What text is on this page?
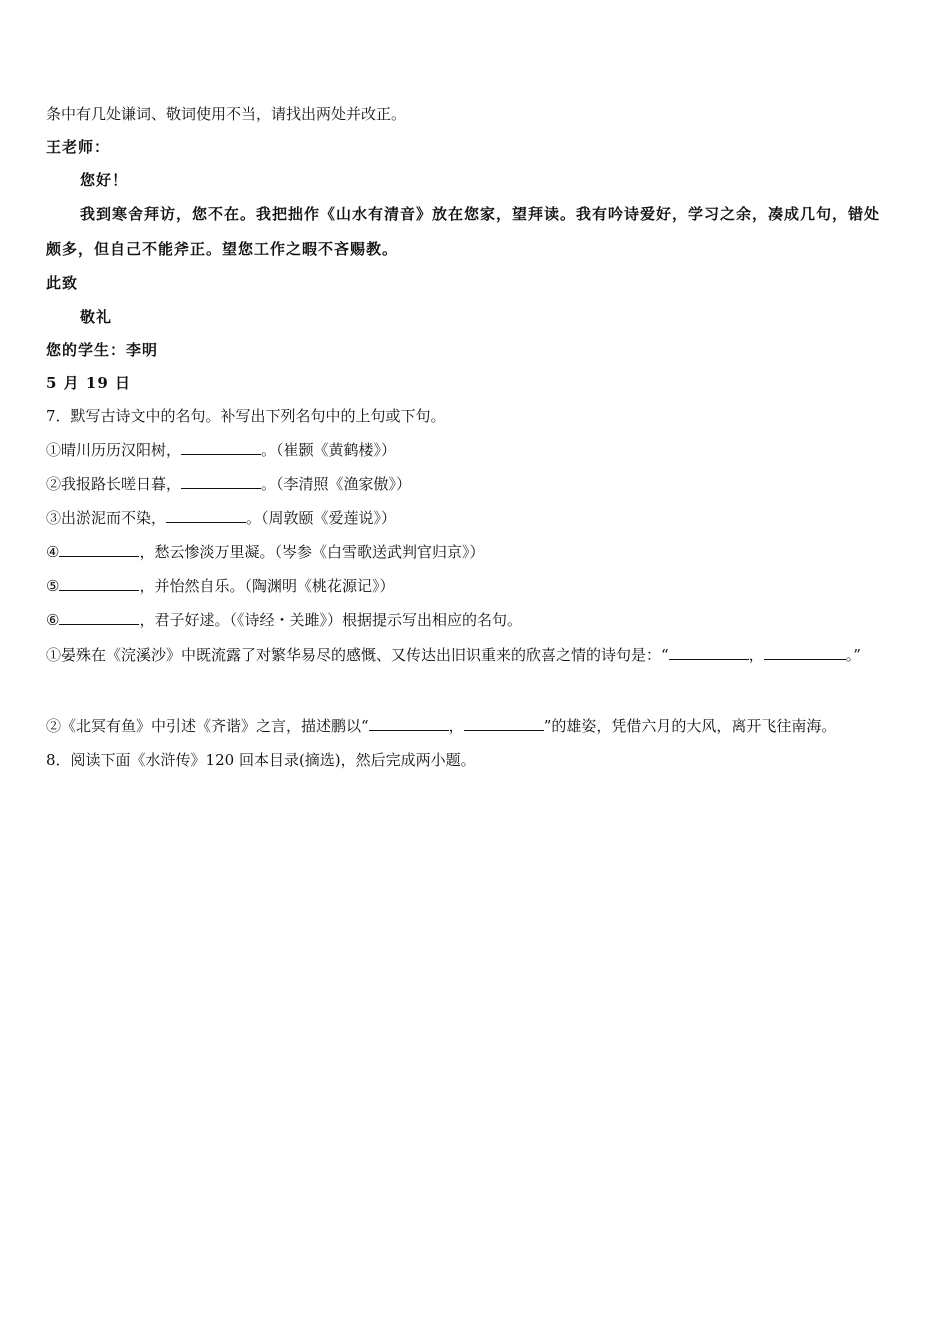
条中有几处谦词、敬词使用不当，请找出两处并改正。
王老师：
您好！
我到寒舍拜访，您不在。我把拙作《山水有清音》放在您家，望拜读。我有吟诗爱好，学习之余，凑成几句，错处
颇多，但自己不能斧正。望您工作之暇不吝赐教。
此致
敬礼
您的学生：李明
5 月 19 日
7．默写古诗文中的名句。补写出下列名句中的上句或下句。
①晴川历历汉阳树，	。（崔颢《黄鹤楼》）
②我报路长嗟日暮，	。（李清照《渔家傲》）
③出淤泥而不染，	。（周敦颐《爱莲说》）
④	，愁云惨淡万里凝。（岑参《白雪歌送武判官归京》）
⑤	，并怡然自乐。（陶渊明《桃花源记》）
⑥	，君子好逑。（《诗经・关雎》）根据提示写出相应的名句。
①晏殊在《浣溪沙》中既流露了对繁华易尽的感慨、又传达出旧识重来的欣喜之情的诗句是：“	，	。”
②《北冥有鱼》中引述《齐谐》之言，描述鹏以“	，	”的雄姿，凭借六月的大风，离开飞往南海。
8．阅读下面《水浒传》120 回本目录(摘选)，然后完成两小题。
